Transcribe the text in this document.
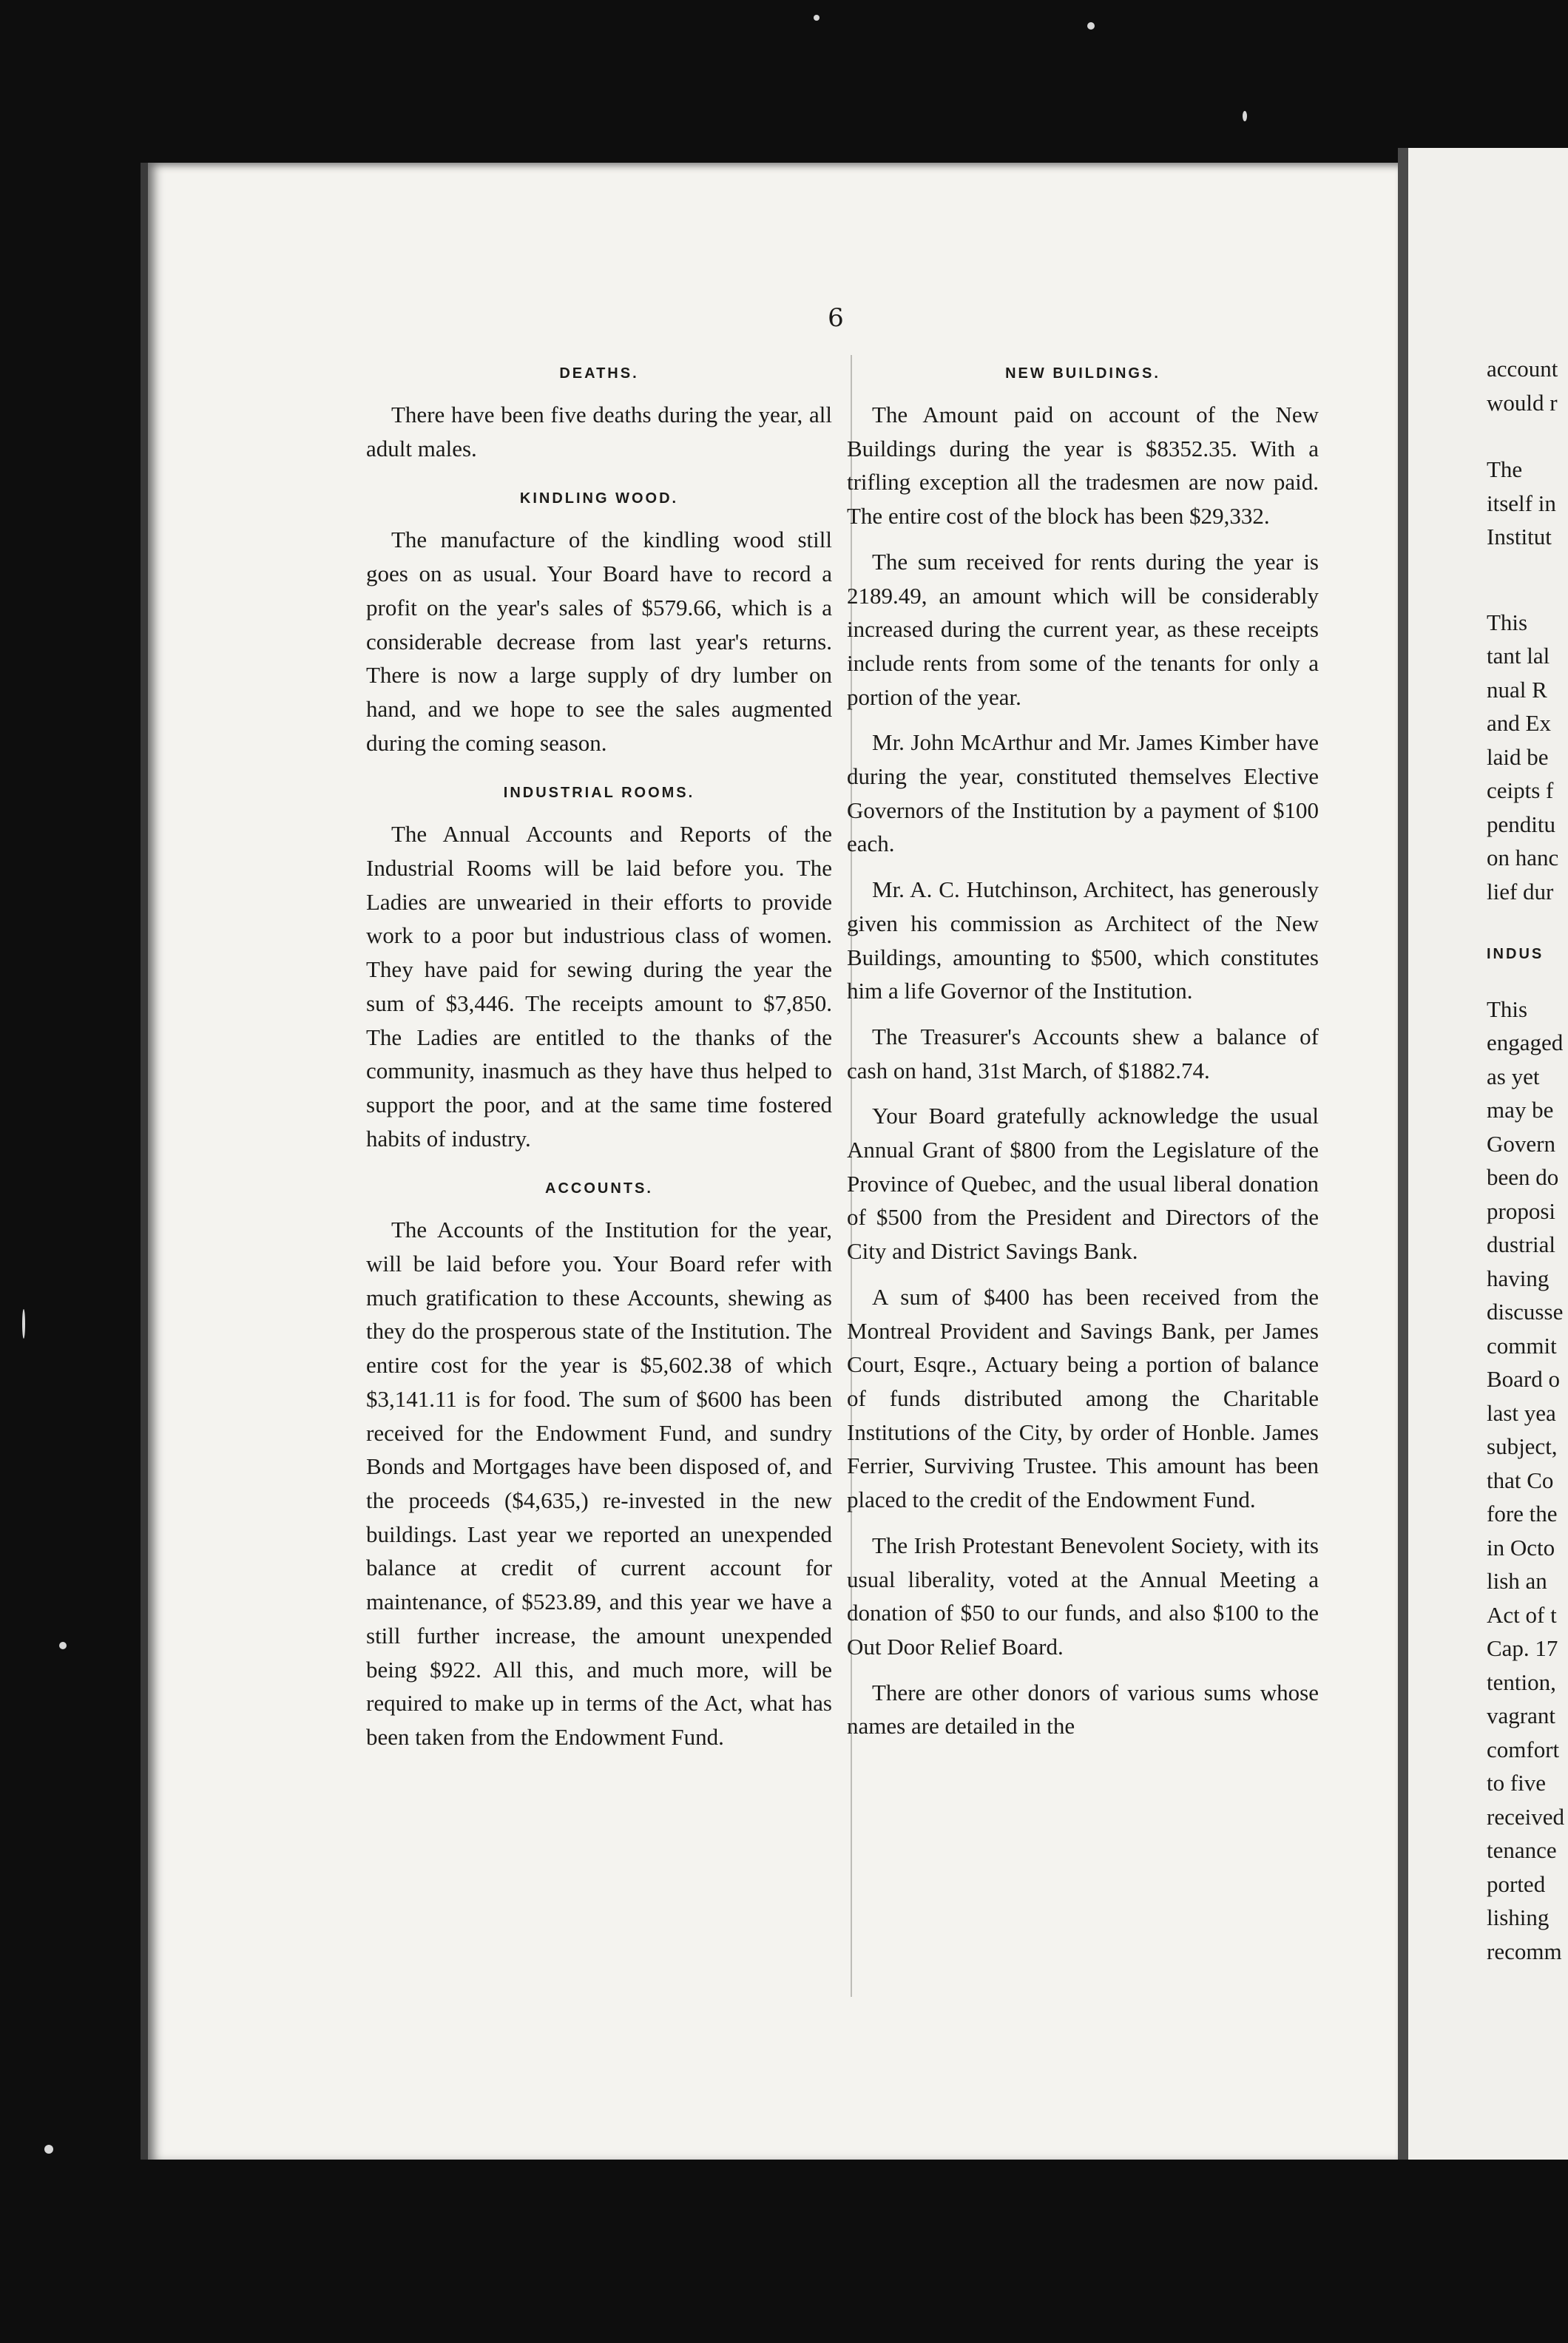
6
DEATHS.

There have been five deaths during the year, all adult males.

KINDLING WOOD.

The manufacture of the kindling wood still goes on as usual. Your Board have to record a profit on the year's sales of $579.66, which is a considerable decrease from last year's returns. There is now a large supply of dry lumber on hand, and we hope to see the sales augmented during the coming season.

INDUSTRIAL ROOMS.

The Annual Accounts and Reports of the Industrial Rooms will be laid before you. The Ladies are unwearied in their efforts to provide work to a poor but industrious class of women. They have paid for sewing during the year the sum of $3,446. The receipts amount to $7,850. The Ladies are entitled to the thanks of the community, inasmuch as they have thus helped to support the poor, and at the same time fostered habits of industry.

ACCOUNTS.

The Accounts of the Institution for the year, will be laid before you. Your Board refer with much gratification to these Accounts, shewing as they do the prosperous state of the Institution. The entire cost for the year is $5,602.38 of which $3,141.11 is for food. The sum of $600 has been received for the Endowment Fund, and sundry Bonds and Mortgages have been disposed of, and the proceeds ($4,635,) re-invested in the new buildings. Last year we reported an unexpended balance at credit of current account for maintenance, of $523.89, and this year we have a still further increase, the amount unexpended being $922. All this, and much more, will be required to make up in terms of the Act, what has been taken from the Endowment Fund.

NEW BUILDINGS.

The Amount paid on account of the New Buildings during the year is $8352.35. With a trifling exception all the tradesmen are now paid. The entire cost of the block has been $29,332.

The sum received for rents during the year is 2189.49, an amount which will be considerably increased during the current year, as these receipts include rents from some of the tenants for only a portion of the year.

Mr. John McArthur and Mr. James Kimber have during the year, constituted themselves Elective Governors of the Institution by a payment of $100 each.

Mr. A. C. Hutchinson, Architect, has generously given his commission as Architect of the New Buildings, amounting to $500, which constitutes him a life Governor of the Institution.

The Treasurer's Accounts shew a balance of cash on hand, 31st March, of $1882.74.

Your Board gratefully acknowledge the usual Annual Grant of $800 from the Legislature of the Province of Quebec, and the usual liberal donation of $500 from the President and Directors of the City and District Savings Bank.

A sum of $400 has been received from the Montreal Provident and Savings Bank, per James Court, Esqre., Actuary being a portion of balance of funds distributed among the Charitable Institutions of the City, by order of Honble. James Ferrier, Surviving Trustee. This amount has been placed to the credit of the Endowment Fund.

The Irish Protestant Benevolent Society, with its usual liberality, voted at the Annual Meeting a donation of $50 to our funds, and also $100 to the Out Door Relief Board.

There are other donors of various sums whose names are detailed in the

account
would r
The
itself in
Institut
This
tant lal
nual R
and Ex
laid be
ceipts f
penditu
on hanc
lief dur
INDUS
This
engaged
as yet
may be
Govern
been do
proposi
dustrial
having
discusse
commit
Board o
last yea
subject,
that Co
fore the
in Octo
lish an
Act of t
Cap. 17
tention,
vagrant
comfort
to five
received
tenance
ported
lishing
recomm
